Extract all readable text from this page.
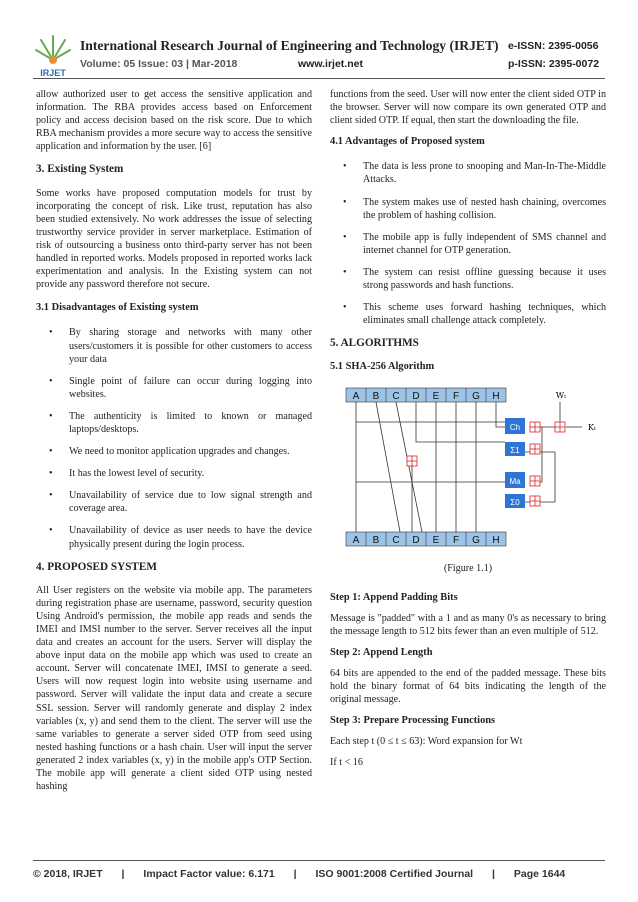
IRJET
International Research Journal of Engineering and Technology (IRJET) e-ISSN: 2395-0056
Volume: 05 Issue: 03 | Mar-2018	www.irjet.net	p-ISSN: 2395-0072

allow authorized user to get access the sensitive application and information. The RBA provides access based on Enforcement policy and access decision based on the risk score. Due to which RBA mechanism provides a more secure way to access the sensitive application and information by the user. [6]

3. Existing System

Some works have proposed computation models for trust by incorporating the concept of risk. Like trust, reputation has also been studied extensively. No work addresses the issue of selecting trustworthy service provider in server marketplace. Estimation of risk of outsourcing a business onto third-party server has not been handled in reported works. Models proposed in reported works lack experimentation and analysis. In the Existing system can not provide any password therefore not secure.

3.1 Disadvantages of Existing system
• By sharing storage and networks with many other users/customers it is possible for other customers to access your data
• Single point of failure can occur during logging into websites.
• The authenticity is limited to known or managed laptops/desktops.
• We need to monitor application upgrades and changes.
• It has the lowest level of security.
• Unavailability of service due to low signal strength and coverage area.
• Unavailability of device as user needs to have the device physically present during the login process.
4. PROPOSED SYSTEM

All User registers on the website via mobile app. The parameters during registration phase are username, password, security question Using Android's permission, the mobile app reads and sends the IMEI and IMSI number to the server. Server receives all the input data and creates an account for the users. Server will display the above input data on the mobile app which was used to create an account. Server will concatenate IMEI, IMSI to generate a seed. Users will now request login into website using username and password. Server will validate the input data and create a secure SSL session. Server will randomly generate and display 2 index variables (x, y) and send them to the client. The server will use the same variables to generate a server sided OTP from seed using nested hashing functions or a hash chain. User will input the server generated 2 index variables (x, y) in the mobile app's OTP Section. The mobile app will generate a client sided OTP using nested hashing

functions from the seed. User will now enter the client sided OTP in the browser. Server will now compare its own generated OTP and client sided OTP. If equal, then start the downloading the file.

4.1 Advantages of Proposed system
• The data is less prone to snooping and Man-In-The-Middle Attacks.
• The system makes use of nested hash chaining, overcomes the problem of hashing collision.
• The mobile app is fully independent of SMS channel and internet channel for OTP generation.
• The system can resist offline guessing because it uses strong passwords and hash functions.
• This scheme uses forward hashing techniques, which eliminates small challenge attack completely.
5. ALGORITHMS
5.1 SHA-256 Algorithm
A B C D E F G H
A B C D E F G H
Ch
Σ1
Ma
Σ0
Wₜ
Kₜ
(Figure 1.1)
Step 1: Append Padding Bits

Message is "padded" with a 1 and as many 0's as necessary to bring the message length to 512 bits fewer than an even multiple of 512.

Step 2: Append Length

64 bits are appended to the end of the padded message. These bits hold the binary format of 64 bits indicating the length of the original message.

Step 3: Prepare Processing Functions

Each step t (0 ≤ t ≤ 63): Word expansion for Wt

If t < 16

© 2018, IRJET | Impact Factor value: 6.171 | ISO 9001:2008 Certified Journal | Page 1644
